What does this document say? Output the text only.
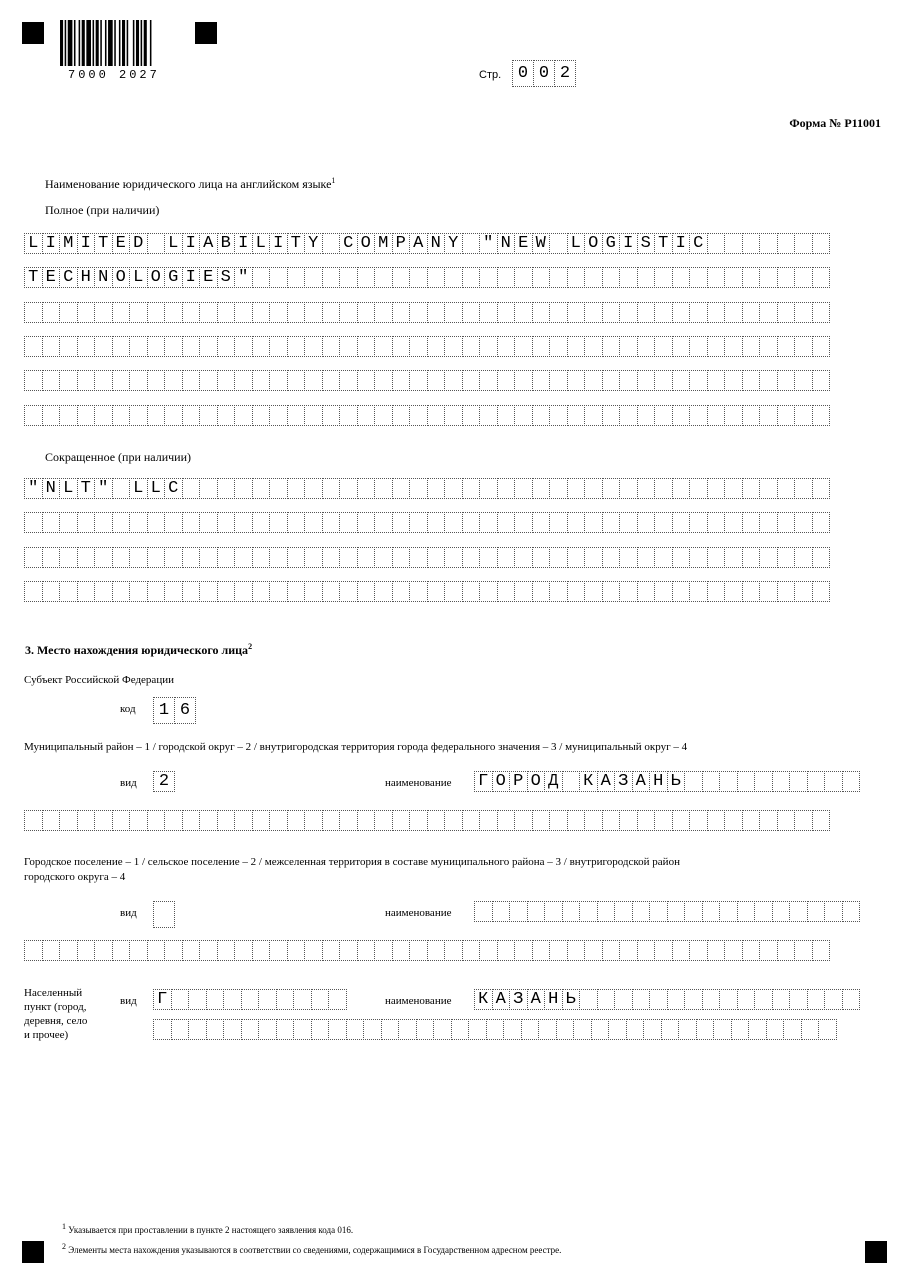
7000 2027	Стр. 0 0 2
Форма № Р11001
Наименование юридического лица на английском языке$^1$
Полное (при наличии)
L I M I T E D L I A B I L I T Y C O M P A N Y " N E W L O G I S T I C
T E C H N O L O G I E S "
Сокращенное (при наличии)
" N L T " L L C
3. Место нахождения юридического лица$^2$
Субъект Российской Федерации
код	1 6
Муниципальный район – 1 / городской округ – 2 / внутригородская территория города федерального значения – 3 / муниципальный округ – 4
вид	2	наименование Г О Р О Д К А З А Н Ь
Городское поселение – 1 / сельское поселение – 2 / межселенная территория в составе муниципального района – 3 / внутригородской район
городского округа – 4
вид	наименование
Населенный
пункт (город,
деревня, село
и прочее)
вид Г	наименование К А З А Н Ь
$^1$ Указывается при проставлении в пункте 2 настоящего заявления кода 016.
$^2$ Элементы места нахождения указываются в соответствии со сведениями, содержащимися в Государственном адресном реестре.
